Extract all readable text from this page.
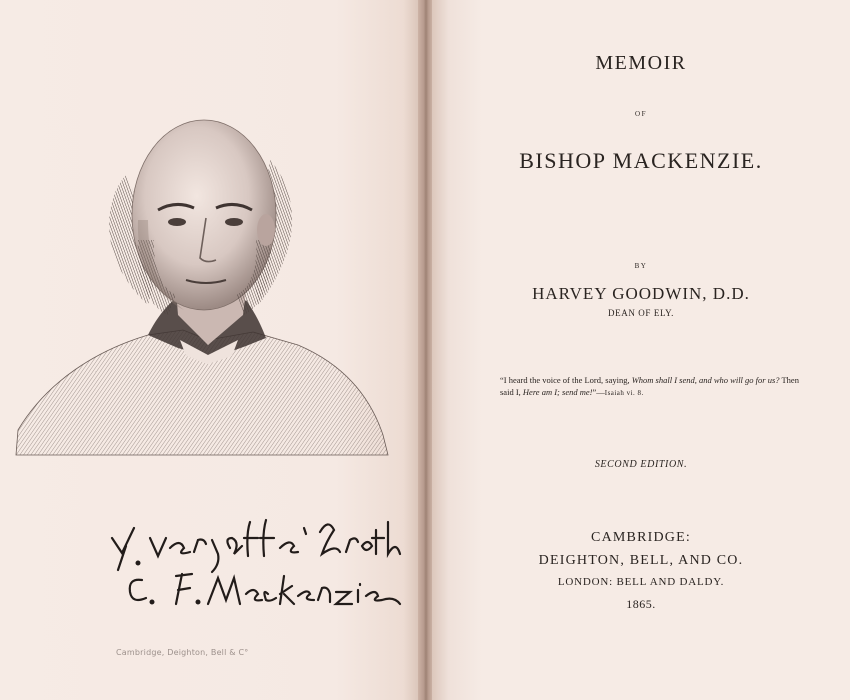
Cambridge, Deighton, Bell & C°
MEMOIR
OF
BISHOP MACKENZIE.
BY
HARVEY GOODWIN, D.D.
DEAN OF ELY.
“I heard the voice of the Lord, saying, Whom shall I send, and who will go for us? Then said I, Here am I; send me!”—Isaiah vi. 8.
SECOND EDITION.
CAMBRIDGE:
DEIGHTON, BELL, AND CO.
LONDON: BELL AND DALDY.
1865.
